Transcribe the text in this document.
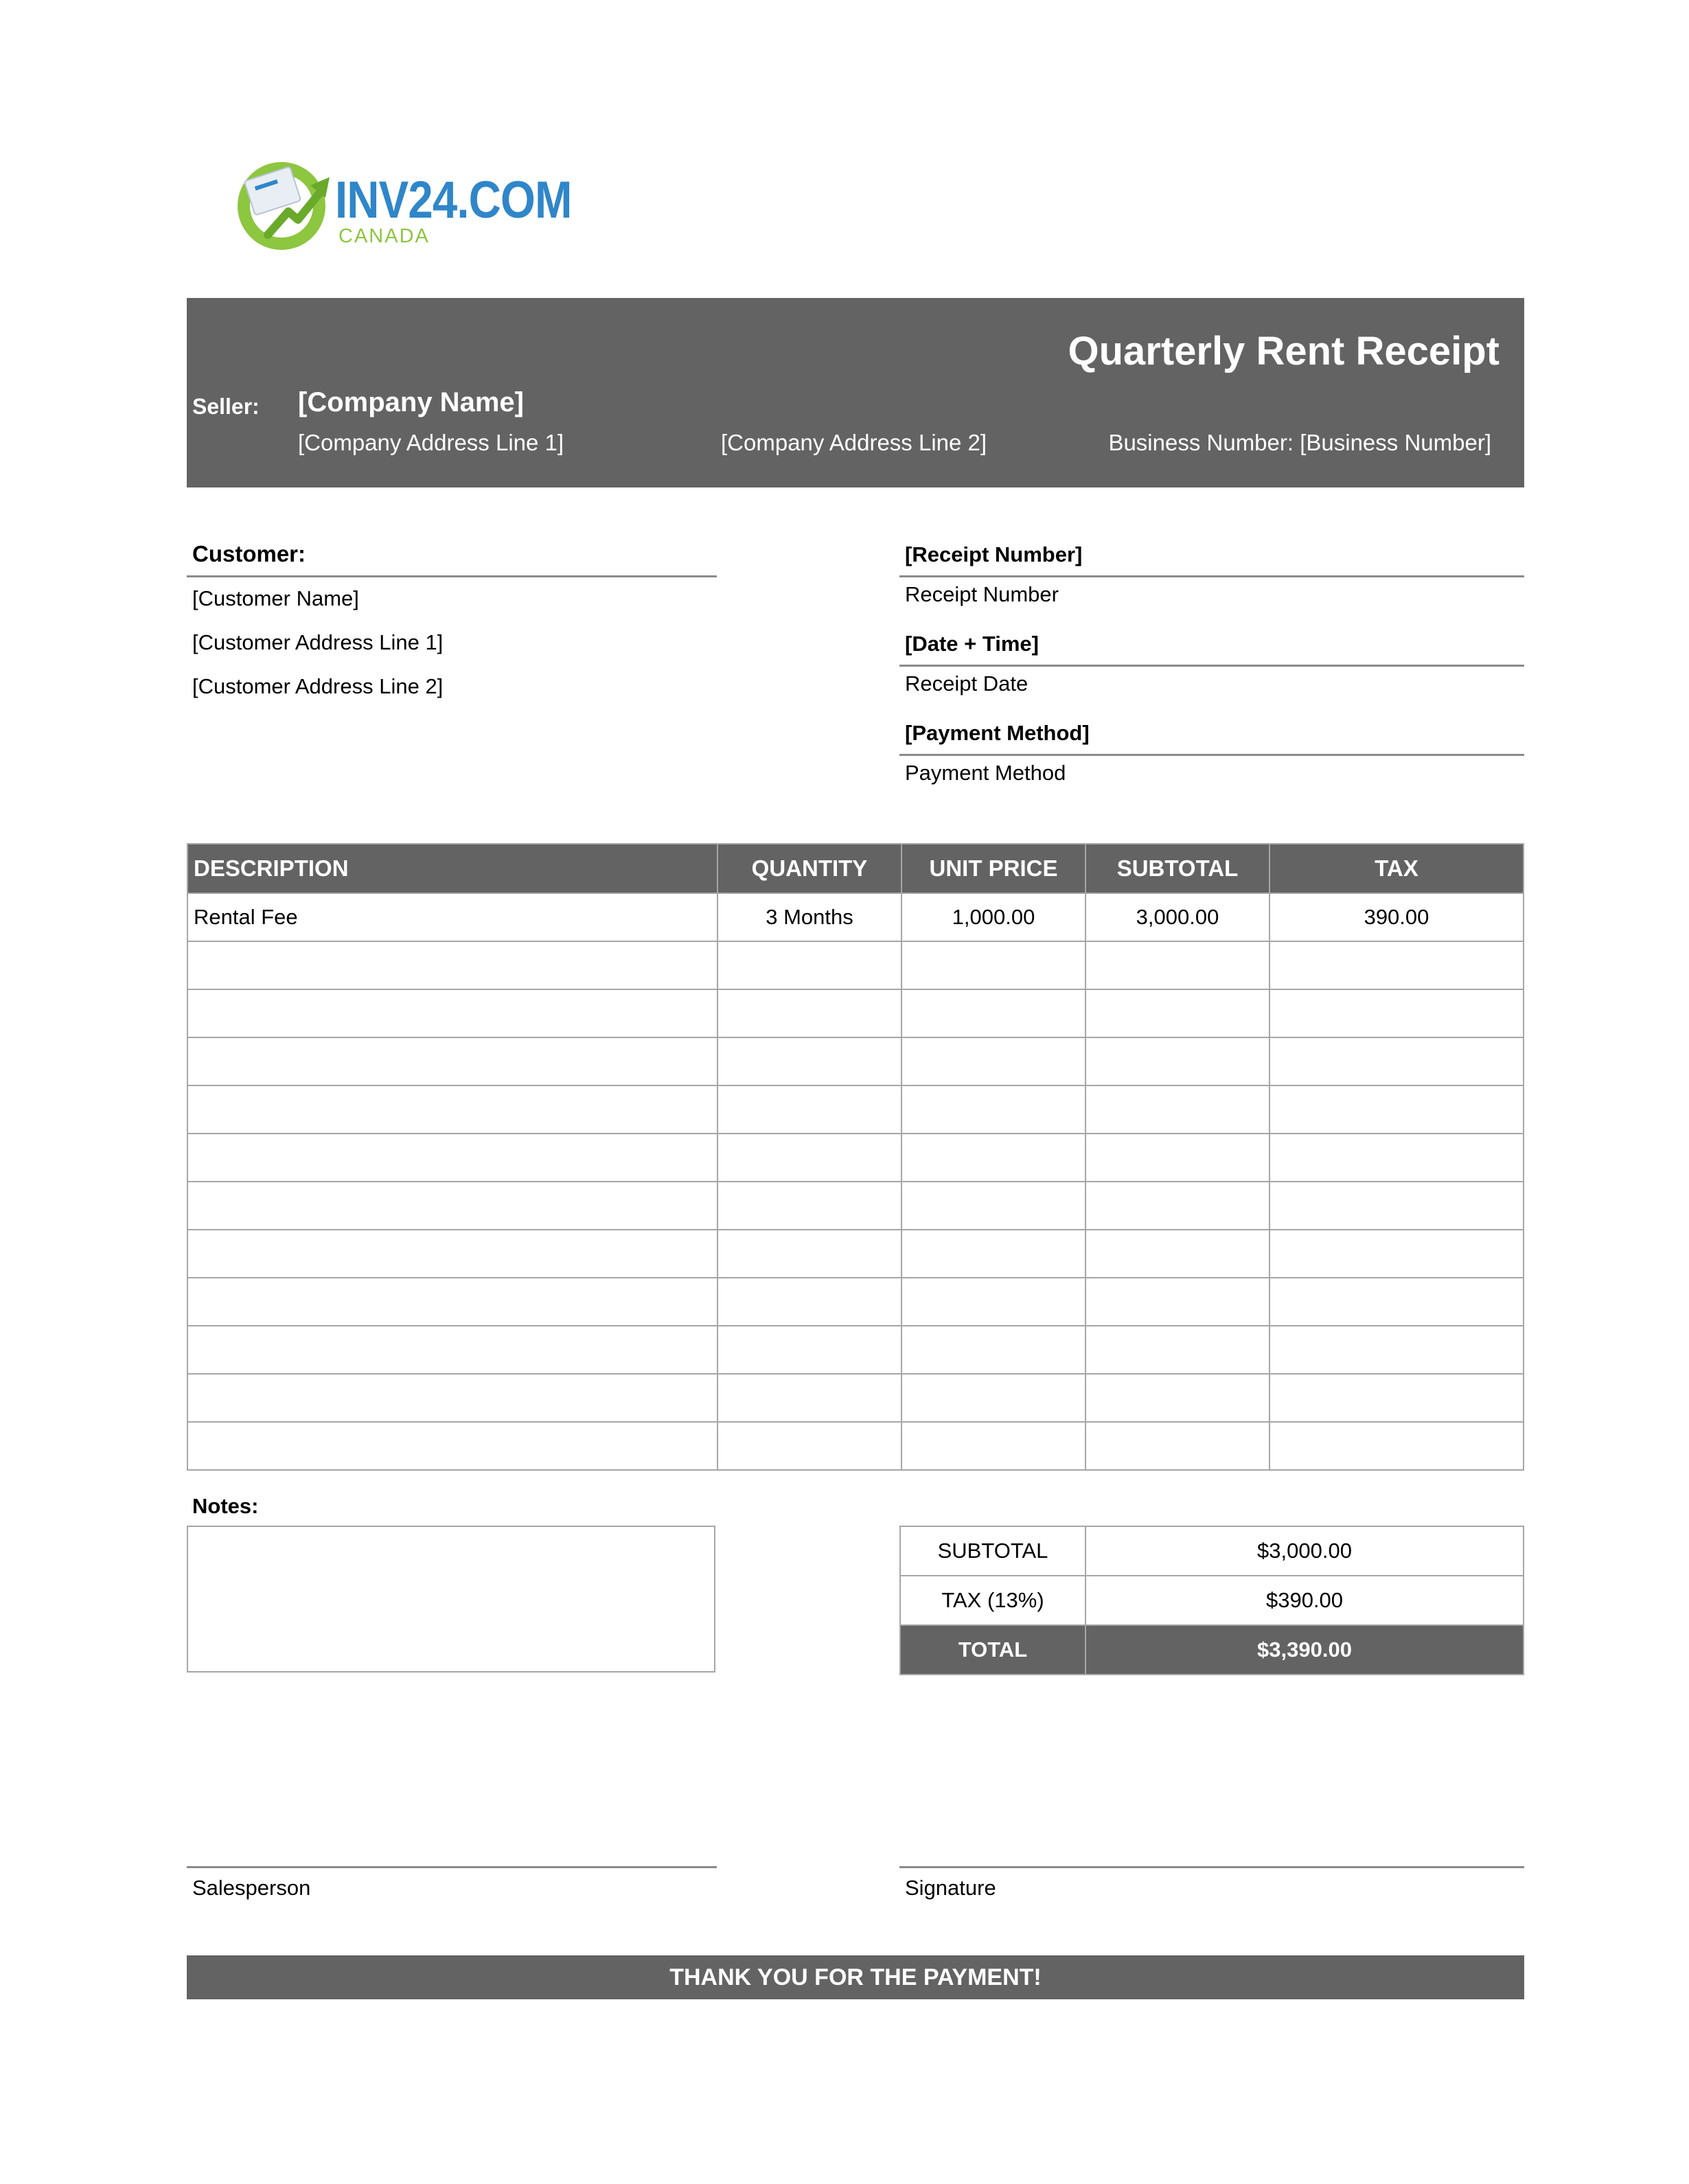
INV24.COM
CANADA
Quarterly Rent Receipt
Seller: [Company Name]
[Company Address Line 1]	[Company Address Line 2]	Business Number: [Business Number]
Customer:
[Customer Name]
[Customer Address Line 1]
[Customer Address Line 2]
[Receipt Number]
Receipt Number
[Date + Time]
Receipt Date
[Payment Method]
Payment Method
DESCRIPTION	QUANTITY	UNIT PRICE	SUBTOTAL	TAX
Rental Fee	3 Months	1,000.00	3,000.00	390.00

Notes:
SUBTOTAL	$3,000.00
TAX (13%)	$390.00
TOTAL	$3,390.00
Salesperson	Signature
THANK YOU FOR THE PAYMENT!
